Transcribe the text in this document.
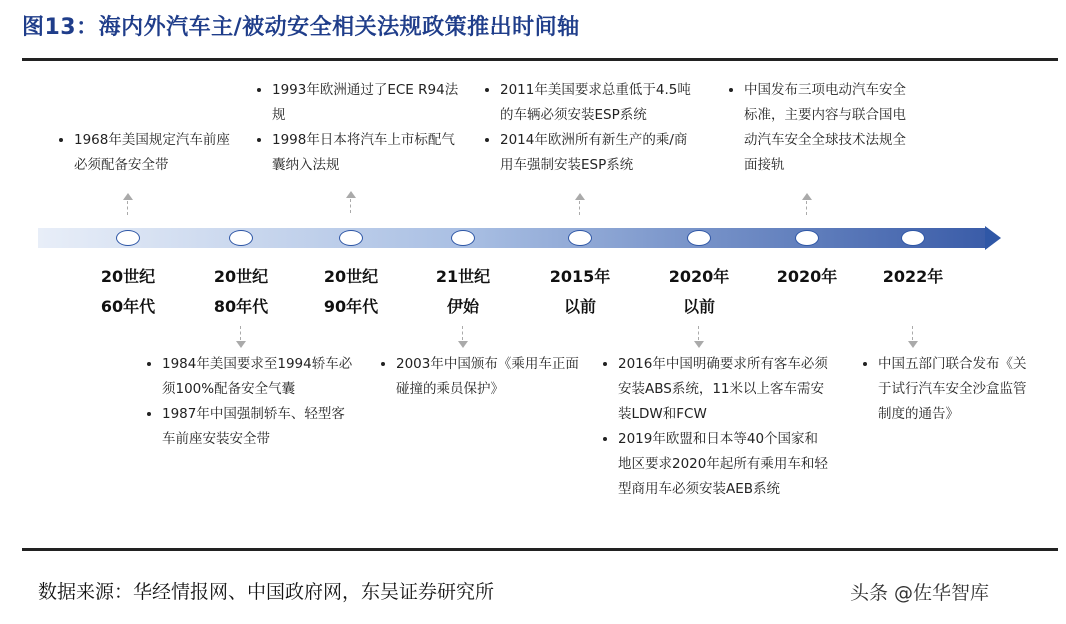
图13：海内外汽车主/被动安全相关法规政策推出时间轴
20世纪
60年代
20世纪
80年代
20世纪
90年代
21世纪
伊始
2015年
以前
2020年
以前
2020年	2022年
• 1968年美国规定汽车前座必须配备安全带
• 1993年欧洲通过了ECE R94法规
• 1998年日本将汽车上市标配气囊纳入法规
• 2011年美国要求总重低于4.5吨的车辆必须安装ESP系统
• 2014年欧洲所有新生产的乘/商用车强制安装ESP系统
• 中国发布三项电动汽车安全标准，主要内容与联合国电动汽车安全全球技术法规全面接轨
• 1984年美国要求至1994轿车必须100%配备安全气囊
• 1987年中国强制轿车、轻型客车前座安装安全带
• 2003年中国颁布《乘用车正面碰撞的乘员保护》
• 2016年中国明确要求所有客车必须安装ABS系统，11米以上客车需安装LDW和FCW
• 2019年欧盟和日本等40个国家和地区要求2020年起所有乘用车和轻型商用车必须安装AEB系统
• 中国五部门联合发布《关于试行汽车安全沙盒监管制度的通告》
数据来源：华经情报网、中国政府网，东吴证券研究所	头条 @佐华智库
